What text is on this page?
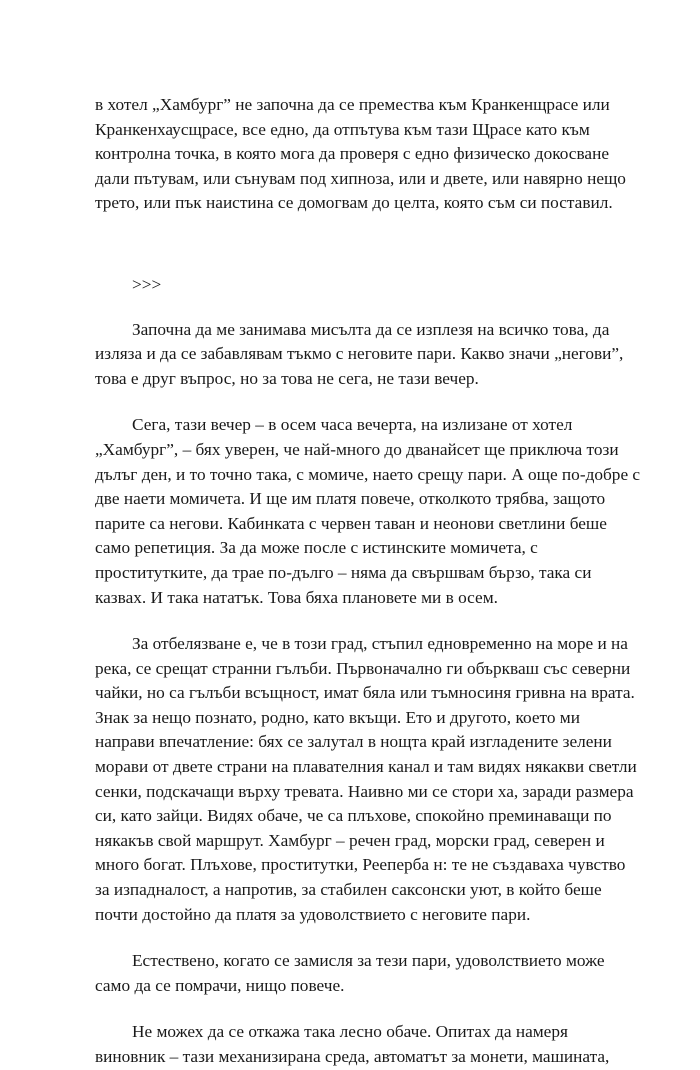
в хотел „Хамбург” не започна да се премества към Кранкенщрасе или
Кранкенхаусщрасе, все едно, да отпътува към тази Щрасе като към
контролна точка, в която мога да проверя с едно физическо докосване
дали пътувам, или сънувам под хипноза, или и двете, или навярно нещо
трето, или пък наистина се домогвам до целта, която съм си поставил.
>>>
Започна да ме занимава мисълта да се изплезя на всичко това, да
изляза и да се забавлявам тъкмо с неговите пари. Какво значи „негови”,
това е друг въпрос, но за това не сега, не тази вечер.
Сега, тази вечер – в осем часа вечерта, на излизане от хотел
„Хамбург”, – бях уверен, че най-много до дванайсет ще приключа този
дълъг ден, и то точно така, с момиче, наето срещу пари. А още по-добре с
две наети момичета. И ще им платя повече, отколкото трябва, защото
парите са негови. Кабинката с червен таван и неонови светлини беше
само репетиция. За да може после с истинските момичета, с
проститутките, да трае по-дълго – няма да свършвам бързо, така си
казвах. И така нататък. Това бяха плановете ми в осем.
За отбелязване е, че в този град, стъпил едновременно на море и на
река, се срещат странни гълъби. Първоначално ги объркваш със северни
чайки, но са гълъби всъщност, имат бяла или тъмносиня гривна на врата.
Знак за нещо познато, родно, като вкъщи. Ето и другото, което ми
направи впечатление: бях се залутал в нощта край изгладените зелени
морави от двете страни на плавателния канал и там видях някакви светли
сенки, подскачащи върху тревата. Наивно ми се стори ха, заради размера
си, като зайци. Видях обаче, че са плъхове, спокойно преминаващи по
някакъв свой маршрут. Хамбург – речен град, морски град, северен и
много богат. Плъхове, проститутки, Рееперба н: те не създаваха чувство
за изпадналост, а напротив, за стабилен саксонски уют, в който беше
почти достойно да платя за удоволствието с неговите пари.
Естествено, когато се замисля за тези пари, удоволствието може
само да се помрачи, нищо повече.
Не можех да се откажа така лесно обаче. Опитах да намеря
виновник – тази механизирана среда, автоматът за монети, машината,
